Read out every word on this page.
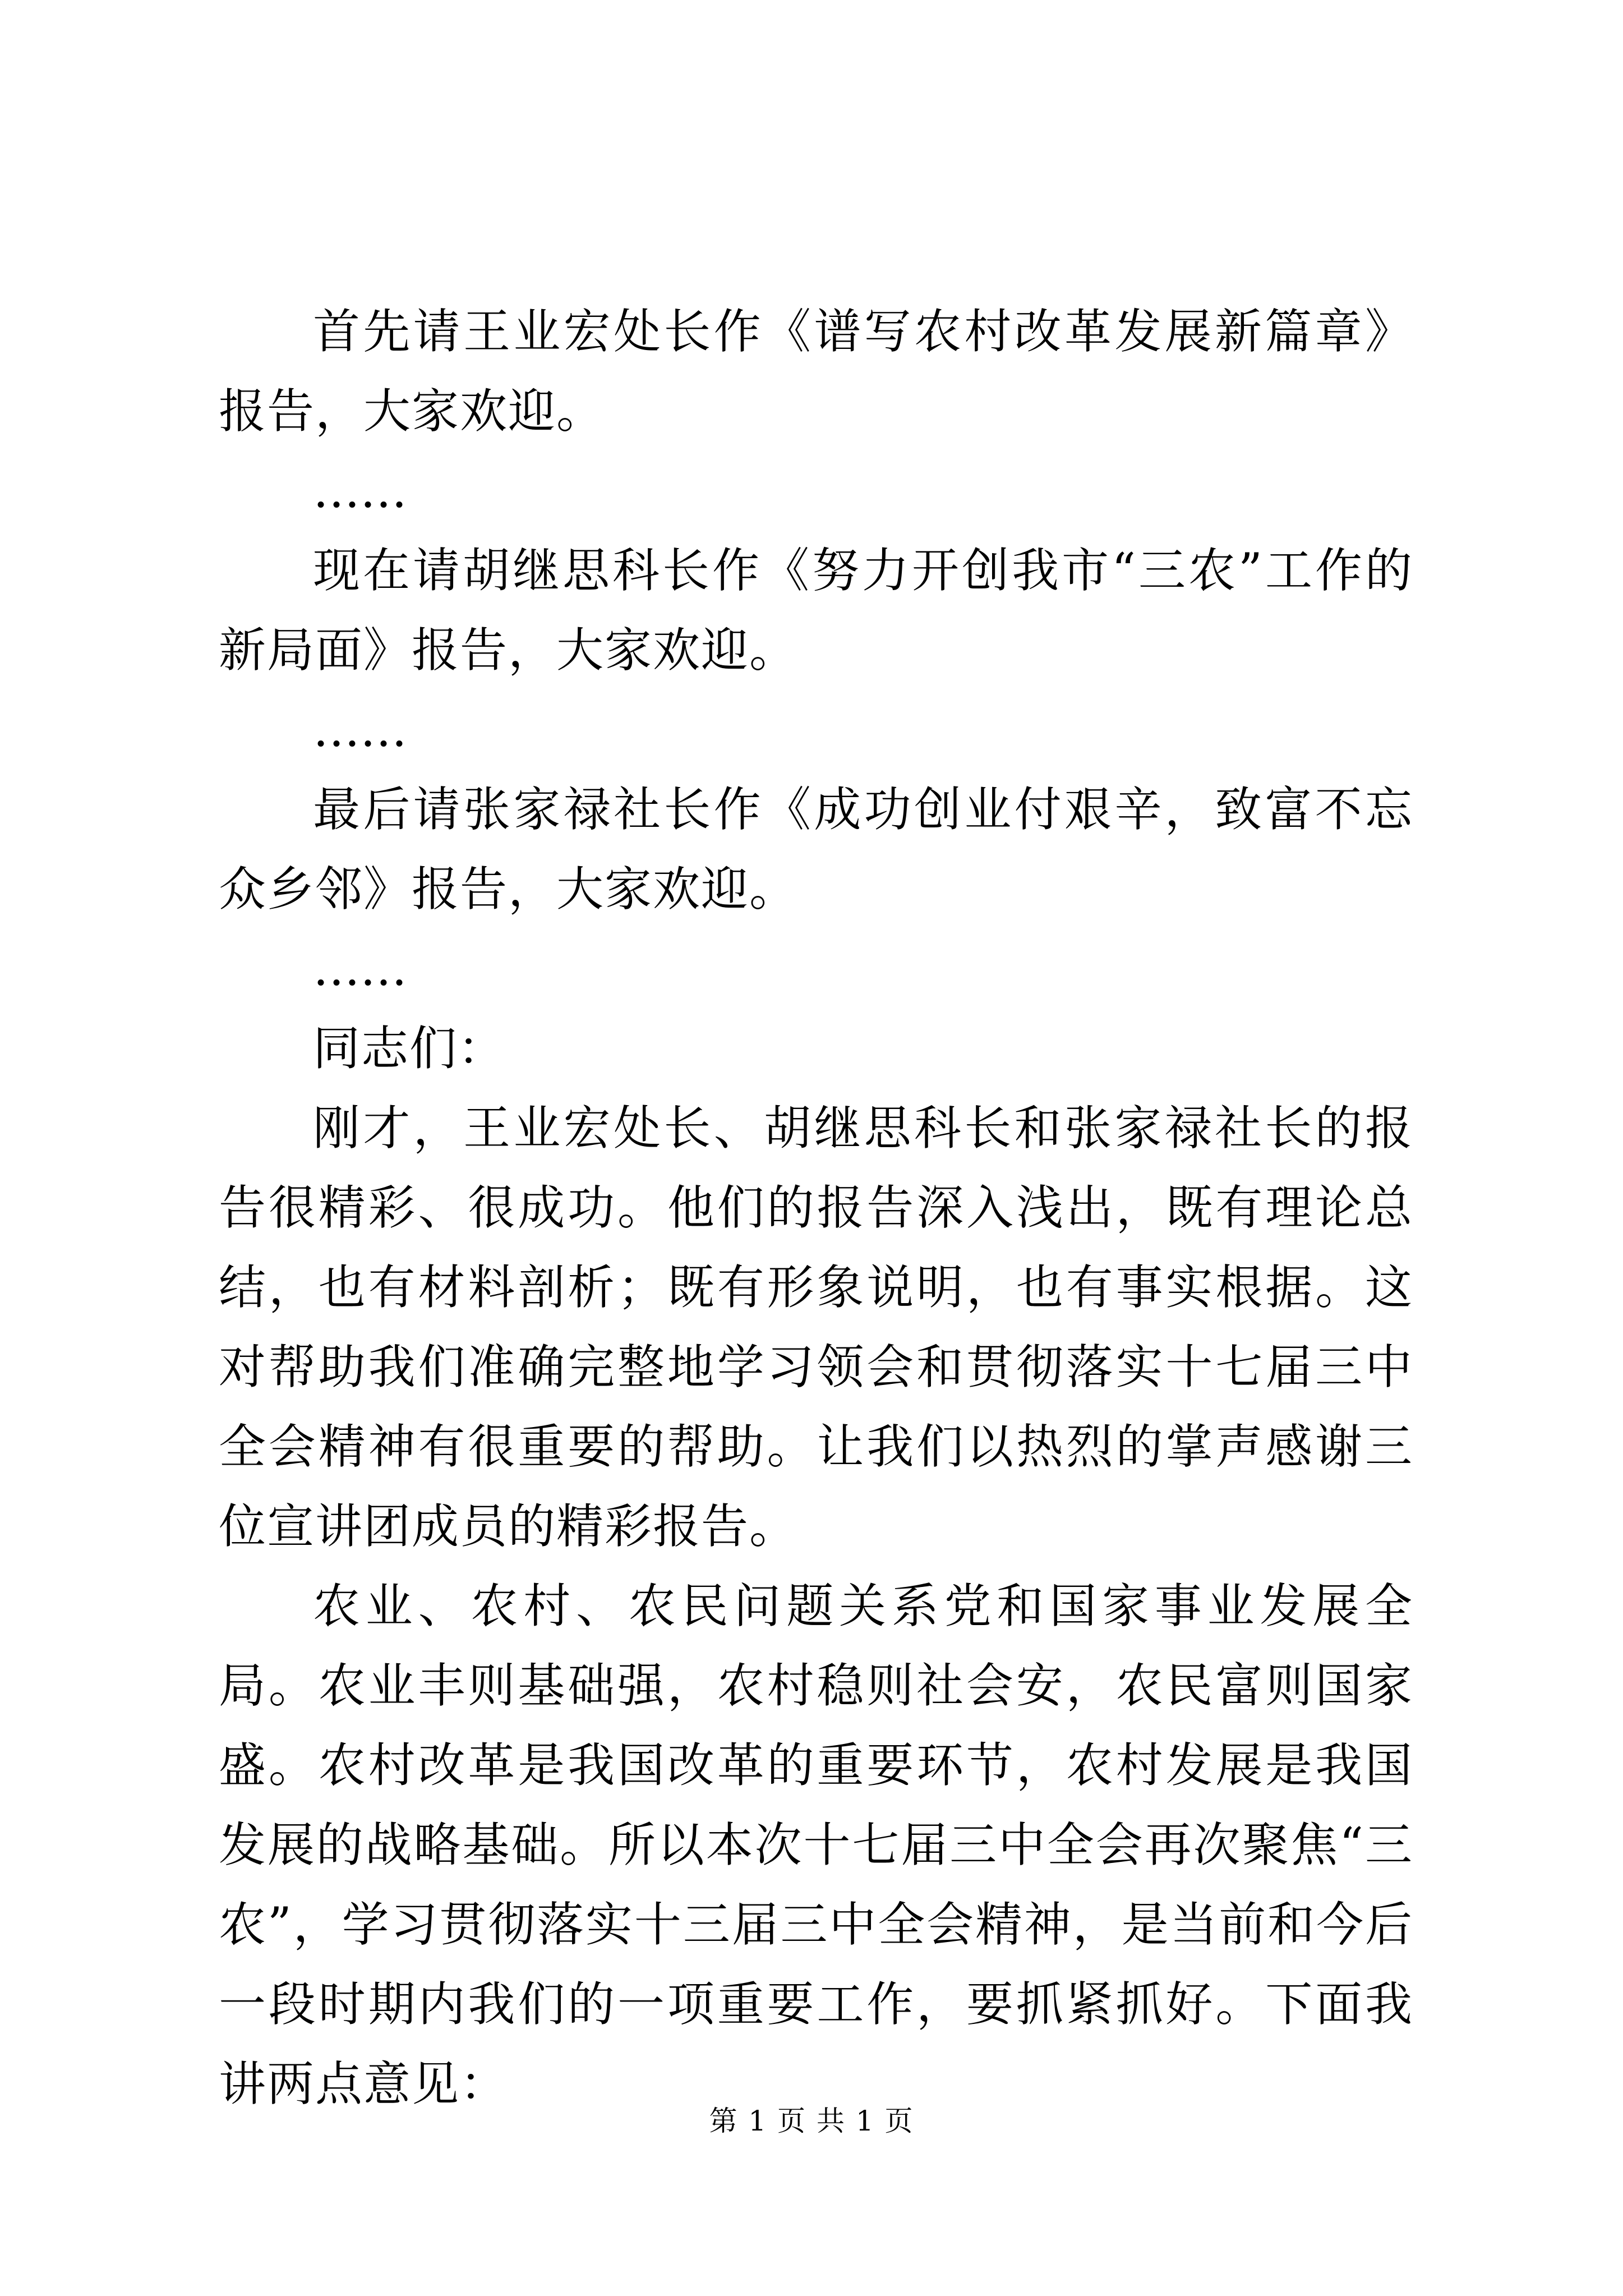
首先请王业宏处长作《谱写农村改革发展新篇章》报告，大家欢迎。

……

现在请胡继思科长作《努力开创我市“三农”工作的新局面》报告，大家欢迎。

……

最后请张家禄社长作《成功创业付艰辛，致富不忘众乡邻》报告，大家欢迎。

……

同志们：

刚才，王业宏处长、胡继思科长和张家禄社长的报告很精彩、很成功。他们的报告深入浅出，既有理论总结，也有材料剖析；既有形象说明，也有事实根据。这对帮助我们准确完整地学习领会和贯彻落实十七届三中全会精神有很重要的帮助。让我们以热烈的掌声感谢三位宣讲团成员的精彩报告。

农业、农村、农民问题关系党和国家事业发展全局。农业丰则基础强，农村稳则社会安，农民富则国家盛。农村改革是我国改革的重要环节，农村发展是我国发展的战略基础。所以本次十七届三中全会再次聚焦“三农”，学习贯彻落实十三届三中全会精神，是当前和今后一段时期内我们的一项重要工作，要抓紧抓好。下面我讲两点意见：

第 1 页 共 1 页
